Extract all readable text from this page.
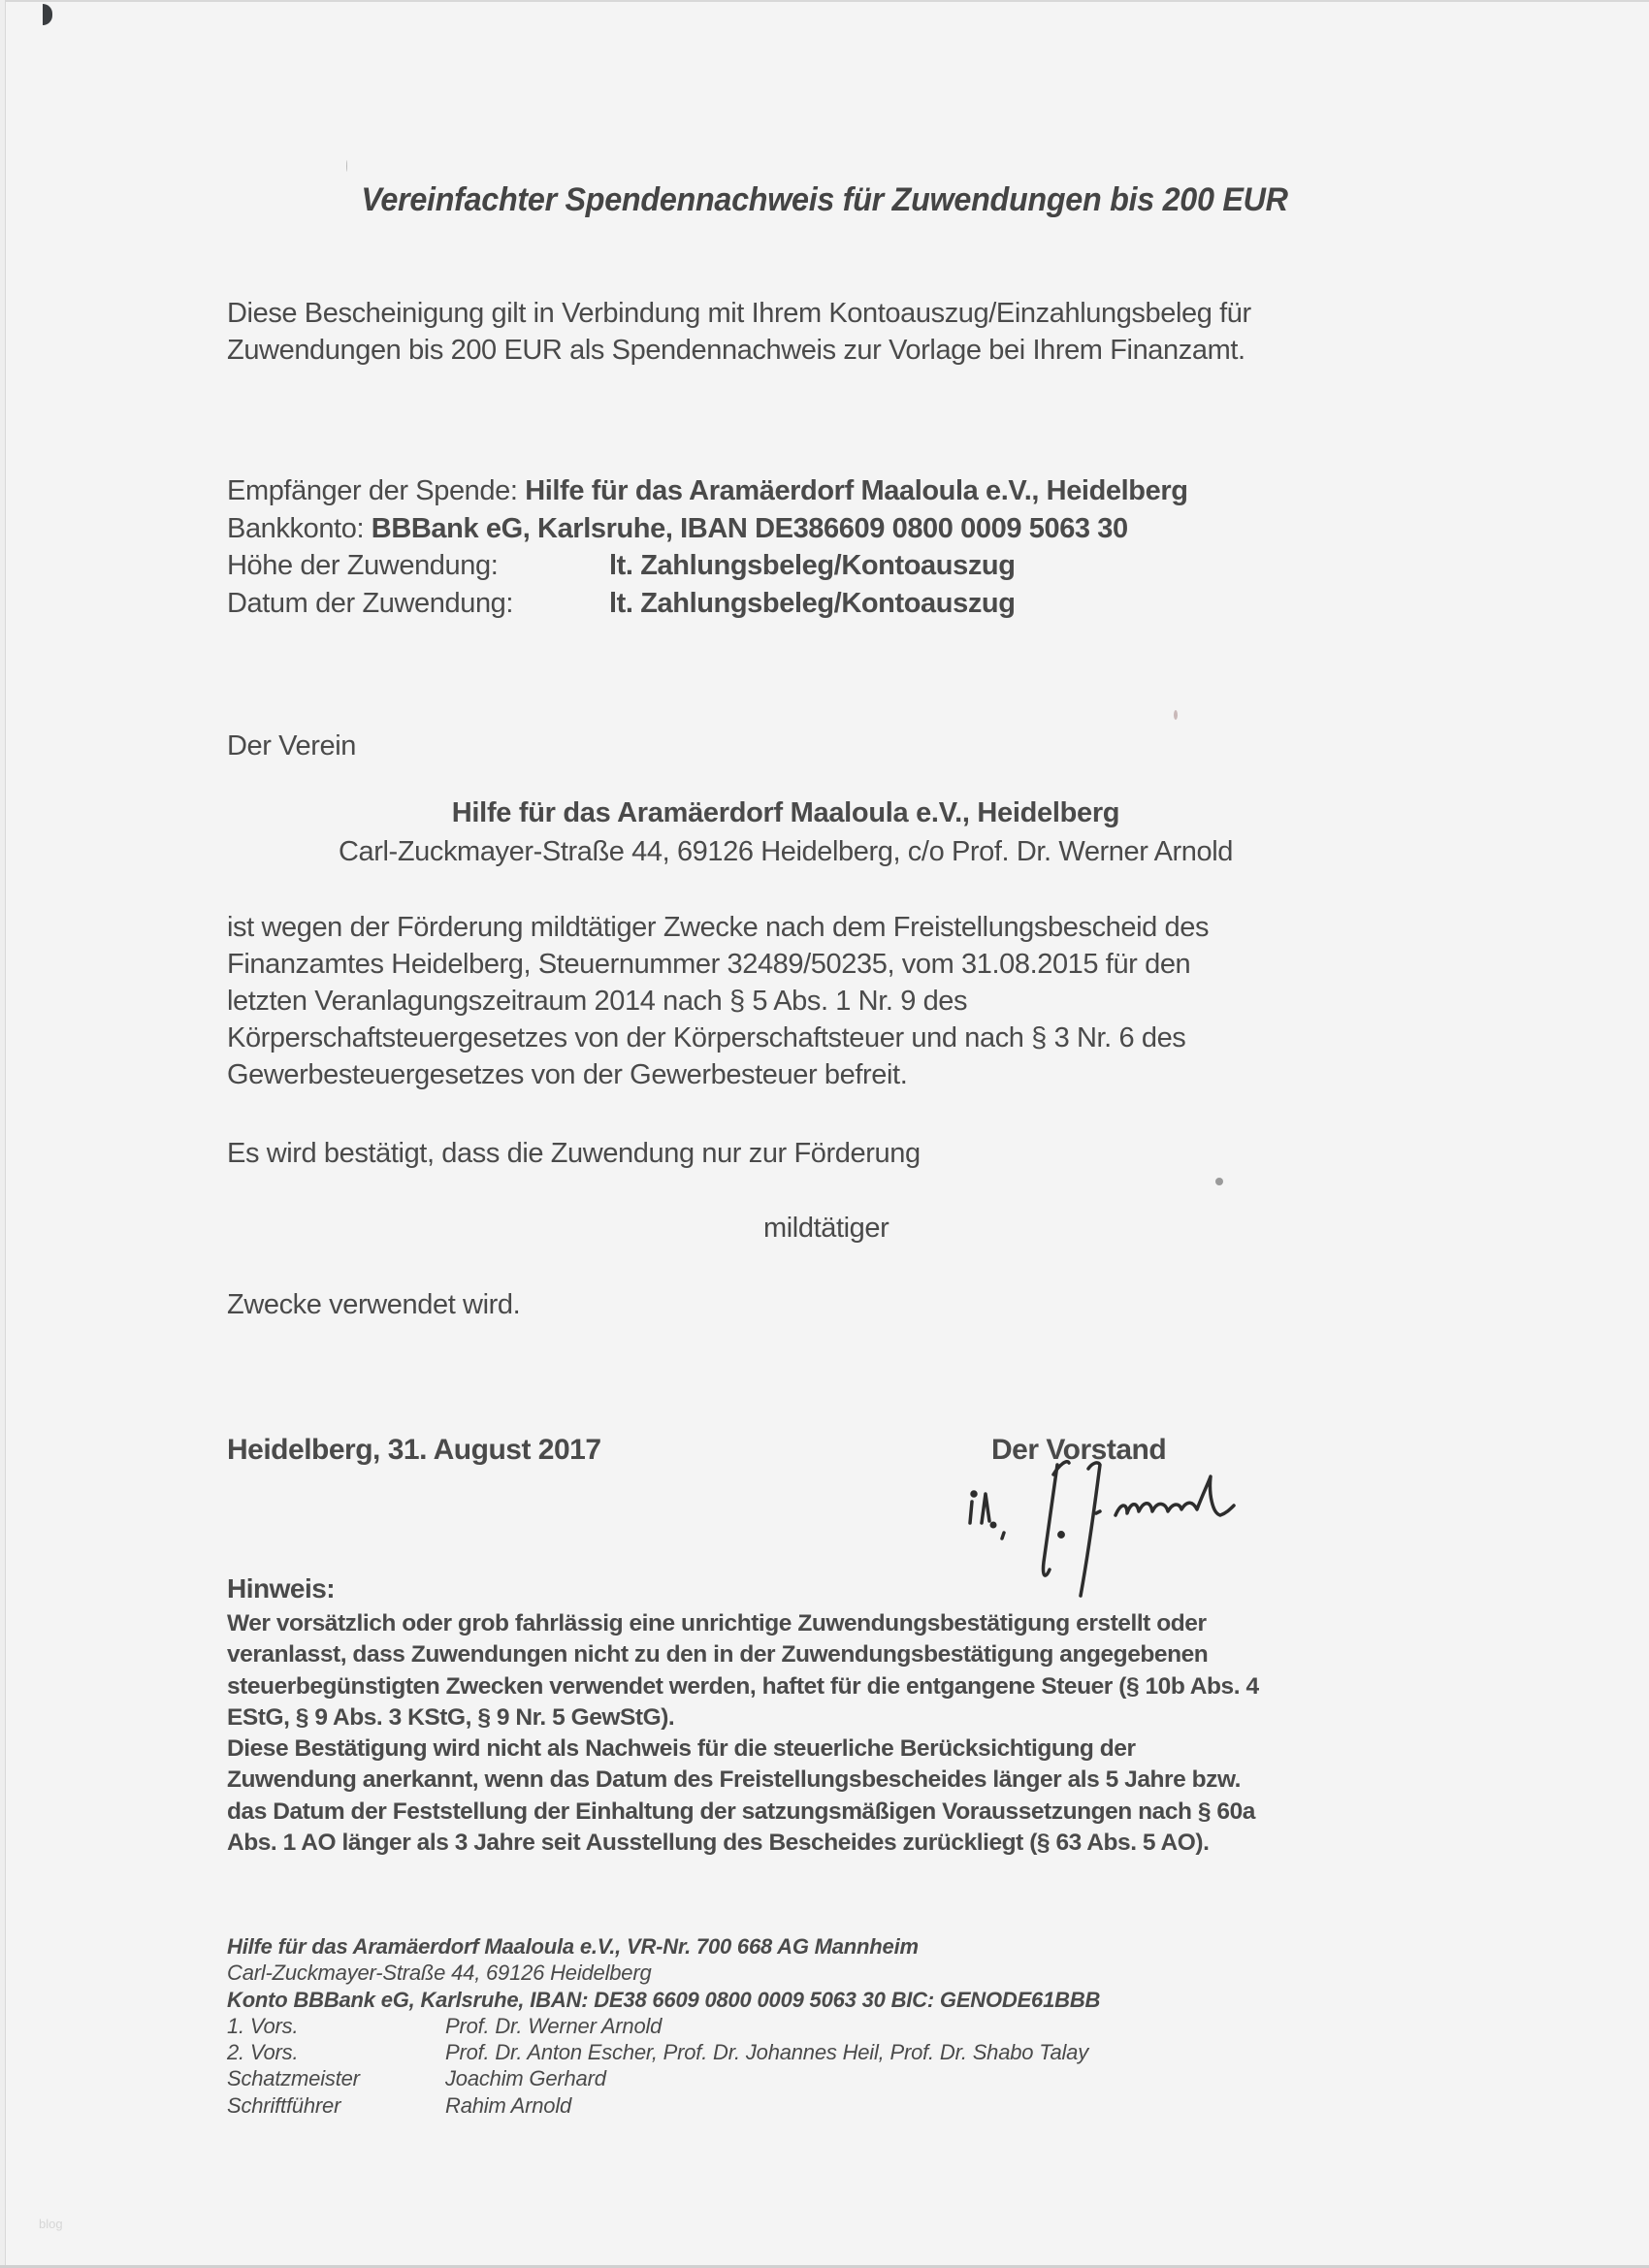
Vereinfachter Spendennachweis für Zuwendungen bis 200 EUR
Diese Bescheinigung gilt in Verbindung mit Ihrem Kontoauszug/Einzahlungsbeleg für
Zuwendungen bis 200 EUR als Spendennachweis zur Vorlage bei Ihrem Finanzamt.
Empfänger der Spende: Hilfe für das Aramäerdorf Maaloula e.V., Heidelberg
Bankkonto: BBBank eG, Karlsruhe, IBAN DE386609 0800 0009 5063 30
Höhe der Zuwendung:	lt. Zahlungsbeleg/Kontoauszug
Datum der Zuwendung:	lt. Zahlungsbeleg/Kontoauszug
Der Verein
Hilfe für das Aramäerdorf Maaloula e.V., Heidelberg
Carl-Zuckmayer-Straße 44, 69126 Heidelberg, c/o Prof. Dr. Werner Arnold
ist wegen der Förderung mildtätiger Zwecke nach dem Freistellungsbescheid des
Finanzamtes Heidelberg, Steuernummer 32489/50235, vom 31.08.2015 für den
letzten Veranlagungszeitraum 2014 nach § 5 Abs. 1 Nr. 9 des
Körperschaftsteuergesetzes von der Körperschaftsteuer und nach § 3 Nr. 6 des
Gewerbesteuergesetzes von der Gewerbesteuer befreit.
Es wird bestätigt, dass die Zuwendung nur zur Förderung
mildtätiger
Zwecke verwendet wird.
Heidelberg, 31. August 2017	Der Vorstand
Hinweis:
Wer vorsätzlich oder grob fahrlässig eine unrichtige Zuwendungsbestätigung erstellt oder
veranlasst, dass Zuwendungen nicht zu den in der Zuwendungsbestätigung angegebenen
steuerbegünstigten Zwecken verwendet werden, haftet für die entgangene Steuer (§ 10b Abs. 4
EStG, § 9 Abs. 3 KStG, § 9 Nr. 5 GewStG).
Diese Bestätigung wird nicht als Nachweis für die steuerliche Berücksichtigung der
Zuwendung anerkannt, wenn das Datum des Freistellungsbescheides länger als 5 Jahre bzw.
das Datum der Feststellung der Einhaltung der satzungsmäßigen Voraussetzungen nach § 60a
Abs. 1 AO länger als 3 Jahre seit Ausstellung des Bescheides zurückliegt (§ 63 Abs. 5 AO).
Hilfe für das Aramäerdorf Maaloula e.V., VR-Nr. 700 668 AG Mannheim
Carl-Zuckmayer-Straße 44, 69126 Heidelberg
Konto BBBank eG, Karlsruhe, IBAN: DE38 6609 0800 0009 5063 30 BIC: GENODE61BBB
1. Vors.	Prof. Dr. Werner Arnold
2. Vors.	Prof. Dr. Anton Escher, Prof. Dr. Johannes Heil, Prof. Dr. Shabo Talay
Schatzmeister	Joachim Gerhard
Schriftführer	Rahim Arnold
blog
